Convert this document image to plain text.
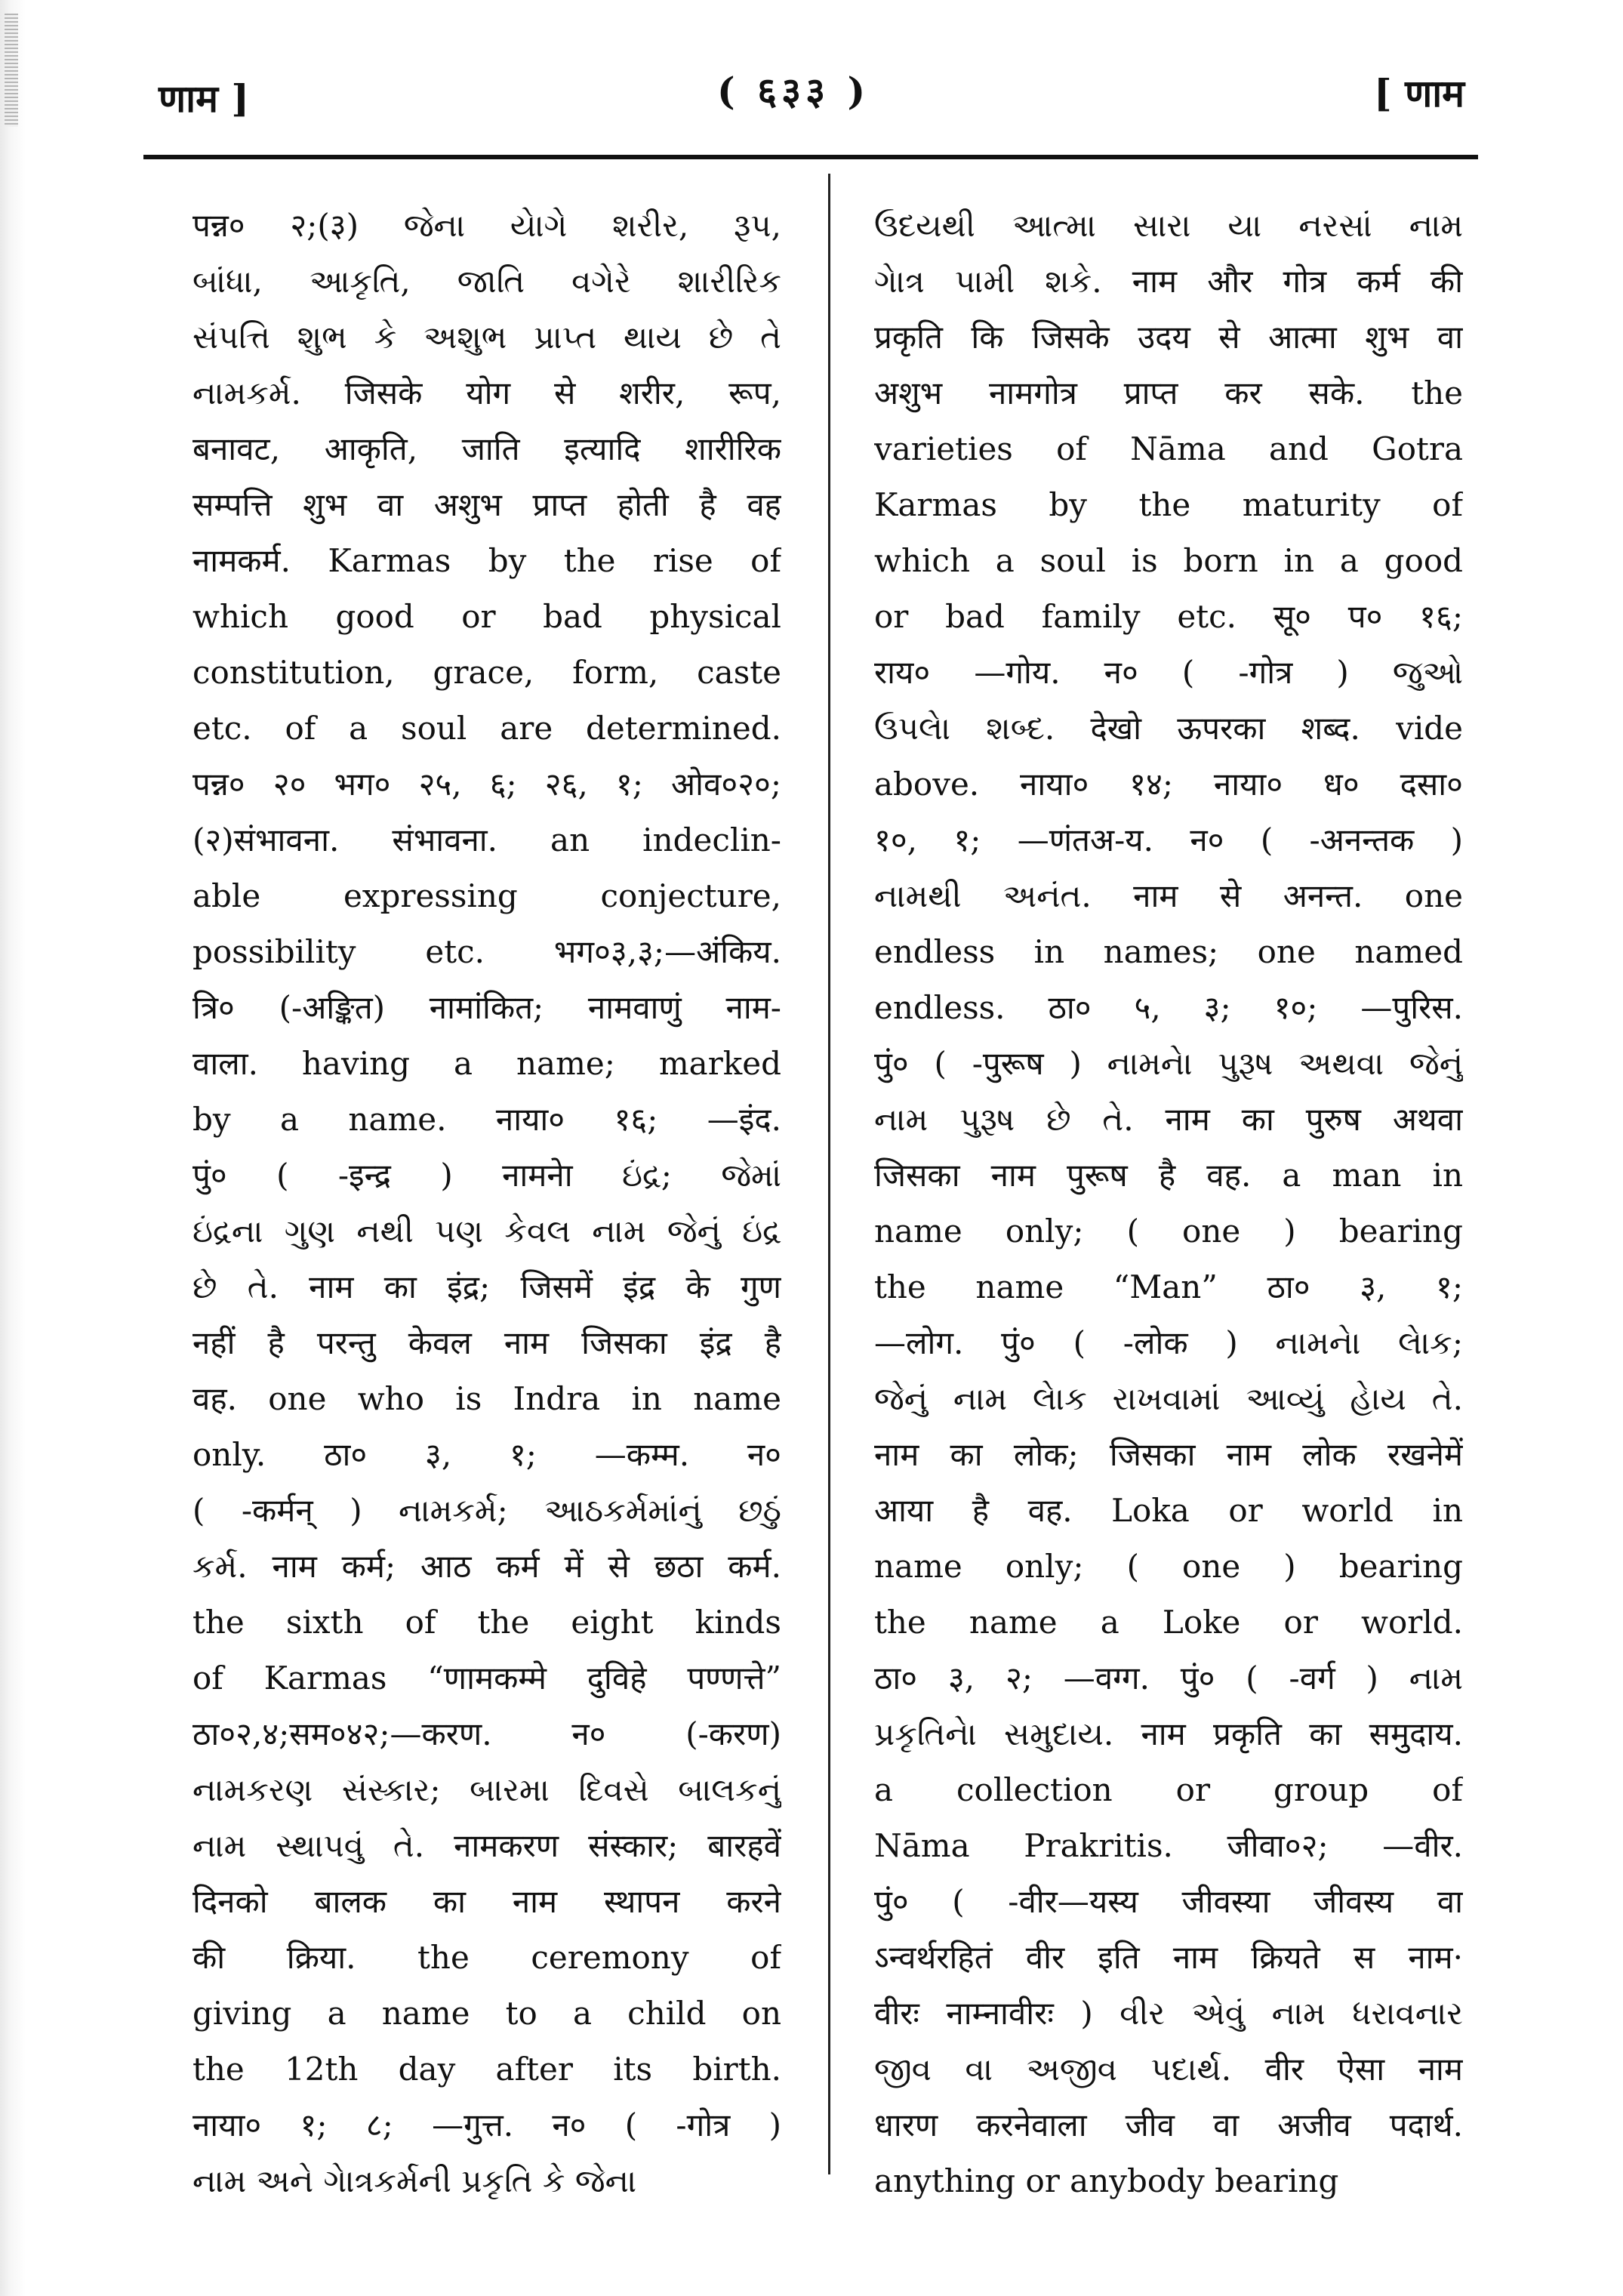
णाम ]	( ६३३ )	[ णाम
पन्न० २;(३) જેના યેાગે શરીર, રૂપ,
બાંધા, આકૃતિ, જાતિ વગેરે શારીરિક
સંપત્તિ શુભ કે અશુભ પ્રાપ્ત થાય છે તે
નામકર્મ. जिसके योग से शरीर, रूप,
बनावट, आकृति, जाति इत्यादि शारीरिक
सम्पत्ति शुभ वा अशुभ प्राप्त होती है वह
नामकर्म. Karmas by the rise of
which good or bad physical
constitution, grace, form, caste
etc. of a soul are determined.
पन्न० २० भग० २५, ६; २६, १; ओव०२०;
(२)संभावना. संभावना. an indeclin-
able expressing conjecture,
possibility etc. भग०३,३;—अंकिय.
त्रि० (-अङ्कित) नामांकित; नामवाणुं नाम-
वाला. having a name; marked
by a name. नाया० १६; —इंद.
पुं० ( -इन्द्र ) नामनेा ઇંદ્ર; જેમાં
ઇંદ્રના ગુણ નથી પણ કેવલ નામ જેનું ઇંદ્ર
છે તે. नाम का इंद्र; जिसमें इंद्र के गुण
नहीं है परन्तु केवल नाम जिसका इंद्र है
वह. one who is Indra in name
only. ठा० ३, १; —कम्म. न०
( -कर्मन् ) નામકર્મ; આઠકર્મમાંનું છઠું
કર્મ. नाम कर्म; आठ कर्म में से छठा कर्म.
the sixth of the eight kinds
of Karmas “णामकम्मे दुविहे पण्णत्ते”
ठा०२,४;सम०४२;—करण. न० (-करण)
નામકરણ સંસ્કાર; બારમા દિવસે બાલકનું
નામ સ્થાપવું તે. नामकरण संस्कार; बारहवें
दिनको बालक का नाम स्थापन करने
की क्रिया. the ceremony of
giving a name to a child on
the 12th day after its birth.
नाया० १; ८; —गुत्त. न० ( -गोत्र )
નામ અને ગેાત્રકર્મની પ્રકૃતિ કે જેના
ઉદયથી આત્મા સારા યા નરસાં નામ
ગેાત્ર પામી શકે. नाम और गोत्र कर्म की
प्रकृति कि जिसके उदय से आत्मा शुभ वा
अशुभ नामगोत्र प्राप्त कर सके. the
varieties of Nāma and Gotra
Karmas by the maturity of
which a soul is born in a good
or bad family etc. सू० प० १६;
राय० —गोय. न० ( -गोत्र ) જુઓ
ઉપલેા શબ્દ. देखो ऊपरका शब्द. vide
above. नाया० १४; नाया० ध० दसा०
१०, १; —णंतअ-य. न० ( -अनन्तक )
નામથી અનંત. नाम से अनन्त. one
endless in names; one named
endless. ठा० ५, ३; १०; —पुरिस.
पुं० ( -पुरूष ) નામનેા પુરૂષ અથવા જેનું
નામ પુરૂષ છે તે. नाम का पुरुष अथवा
जिसका नाम पुरूष है वह. a man in
name only; ( one ) bearing
the name “Man” ठा० ३, १;
—लोग. पुं० ( -लोक ) નામનેા લેાક;
જેનું નામ લેાક રાખવામાં આવ્યું હેાય તે.
नाम का लोक; जिसका नाम लोक रखनेमें
आया है वह. Loka or world in
name only; ( one ) bearing
the name a Loke or world.
ठा० ३, २; —वग्ग. पुं० ( -वर्ग ) નામ
પ્રકૃતિનેા સમુદાય. नाम प्रकृति का समुदाय.
a collection or group of
Nāma Prakritis. जीवा०२; —वीर.
पुं० ( -वीर—यस्य जीवस्या जीवस्य वा
ऽन्वर्थरहितं वीर इति नाम क्रियते स नाम·
वीरः नाम्नावीरः ) વીર એવું નામ ધરાવનાર
જીવ વા અજીવ પદાર્થ. वीर ऐसा नाम
धारण करनेवाला जीव वा अजीव पदार्थ.
anything or anybody bearing
